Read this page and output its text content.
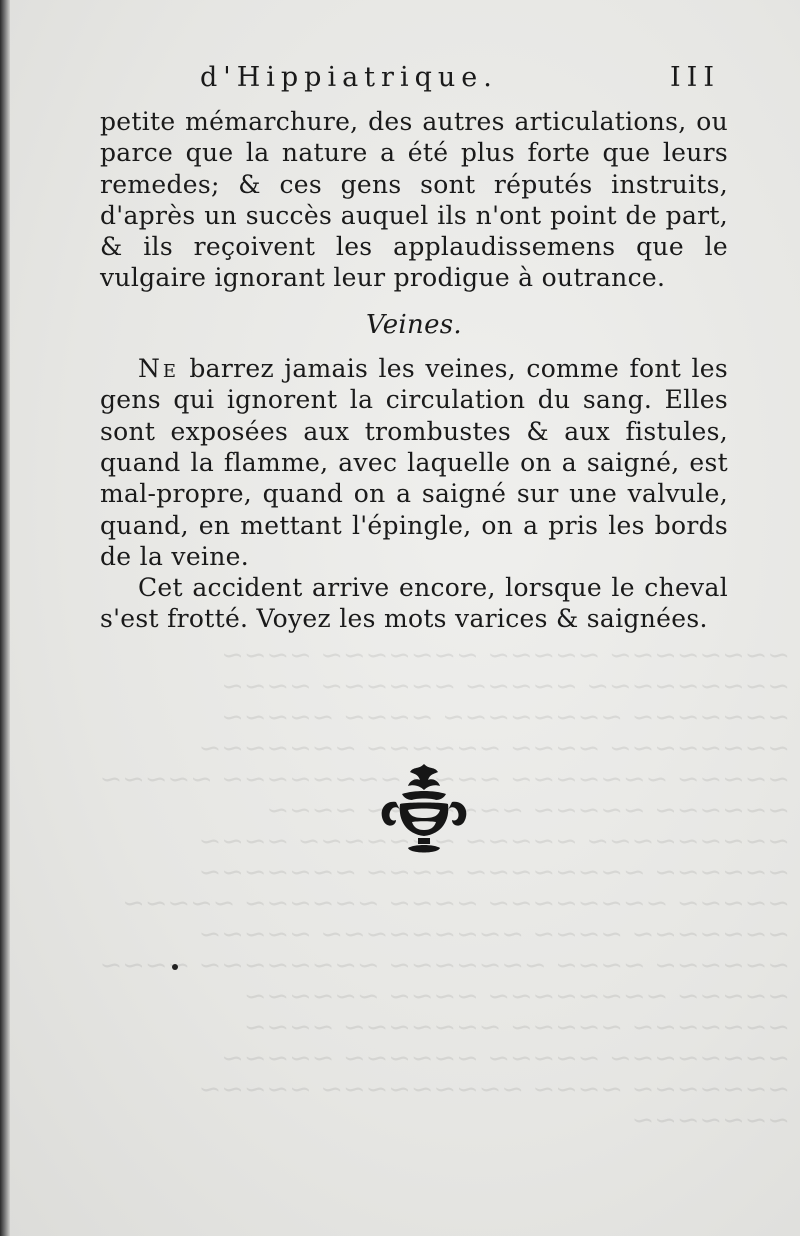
~~~~~~~~ ~~~~~ ~~~~~~~ ~~~~ ~~~~~~~~~ ~~~~~ ~~~~~~ ~~~~ ~~~~~~~ ~~~~~~~~ ~~~~ ~~~~~ ~~~~~~~~ ~~~~ ~~~~~~ ~~~~~~~ ~~~~~ ~~~~~~~ ~~~~ ~~~~~~~~ ~~~~~ ~~~~~~ ~~~~~ ~~~~~~~ ~~~~ ~~~~~~~~~ ~~~~~ ~~~~~~~ ~~~~ ~~~~~~ ~~~~~~~~ ~~~~ ~~~~~~~ ~~~~~ ~~~~~~~~ ~~~~ ~~~~~~ ~~~~~ ~~~~~~~ ~~~~ ~~~~~~~~~ ~~~~~ ~~~~~~ ~~~~ ~~~~~~~ ~~~~~~~~ ~~~~ ~~~~~ ~~~~~~~~ ~~~~ ~~~~~~ ~~~~~~~ ~~~~~ ~~~~~~~ ~~~~ ~~~~~~~~ ~~~~~ ~~~~~~ ~~~~~ ~~~~~~~ ~~~~ ~~~~~~~~~ ~~~~~ ~~~~~~~
d'Hippiatrique.	III

petite mémarchure, des autres articulations, ou parce que la nature a été plus forte que leurs remedes; & ces gens sont réputés instruits, d'après un succès auquel ils n'ont point de part, & ils reçoivent les applaudissemens que le vulgaire ignorant leur prodigue à outrance.

Veines.

Ne barrez jamais les veines, comme font les gens qui ignorent la circulation du sang. Elles sont exposées aux trombustes & aux fistules, quand la flamme, avec laquelle on a saigné, est mal-propre, quand on a saigné sur une valvule, quand, en mettant l'épingle, on a pris les bords de la veine.

Cet accident arrive encore, lorsque le cheval s'est frotté. Voyez les mots varices & saignées.
